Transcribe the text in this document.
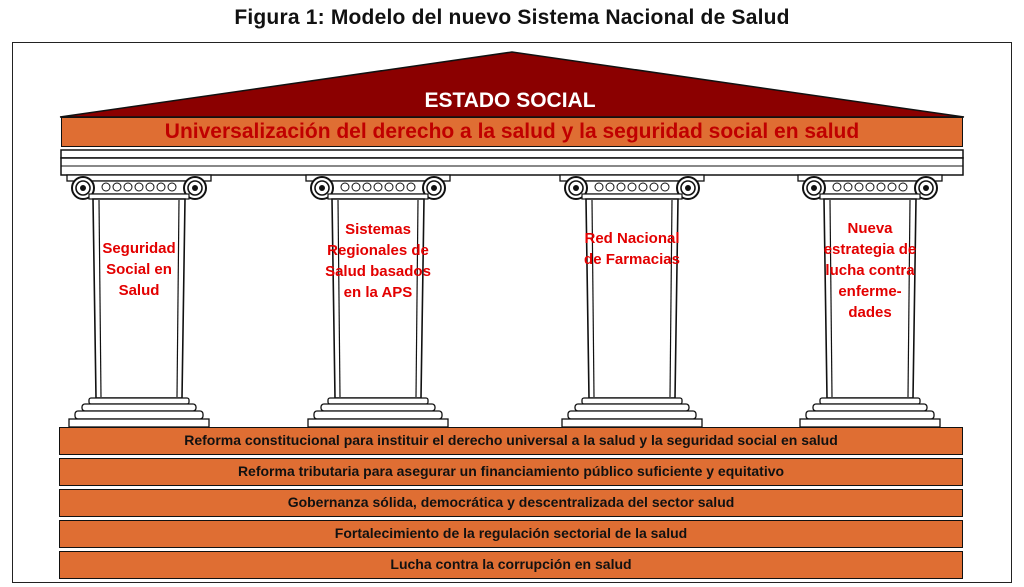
Figura 1: Modelo del nuevo Sistema Nacional de Salud
ESTADO SOCIAL
Universalización del derecho a la salud y la seguridad social en salud
Seguridad Social en Salud
Sistemas Regionales de Salud basados en la APS
Red Nacional de Farmacias
Nueva estrategia de lucha contra enferme-dades
Reforma constitucional para instituir el derecho universal a la salud y la seguridad social en salud
Reforma tributaria para asegurar un financiamiento público suficiente y equitativo
Gobernanza sólida, democrática y descentralizada del sector salud
Fortalecimiento de la regulación sectorial de la salud
Lucha contra la corrupción en salud
